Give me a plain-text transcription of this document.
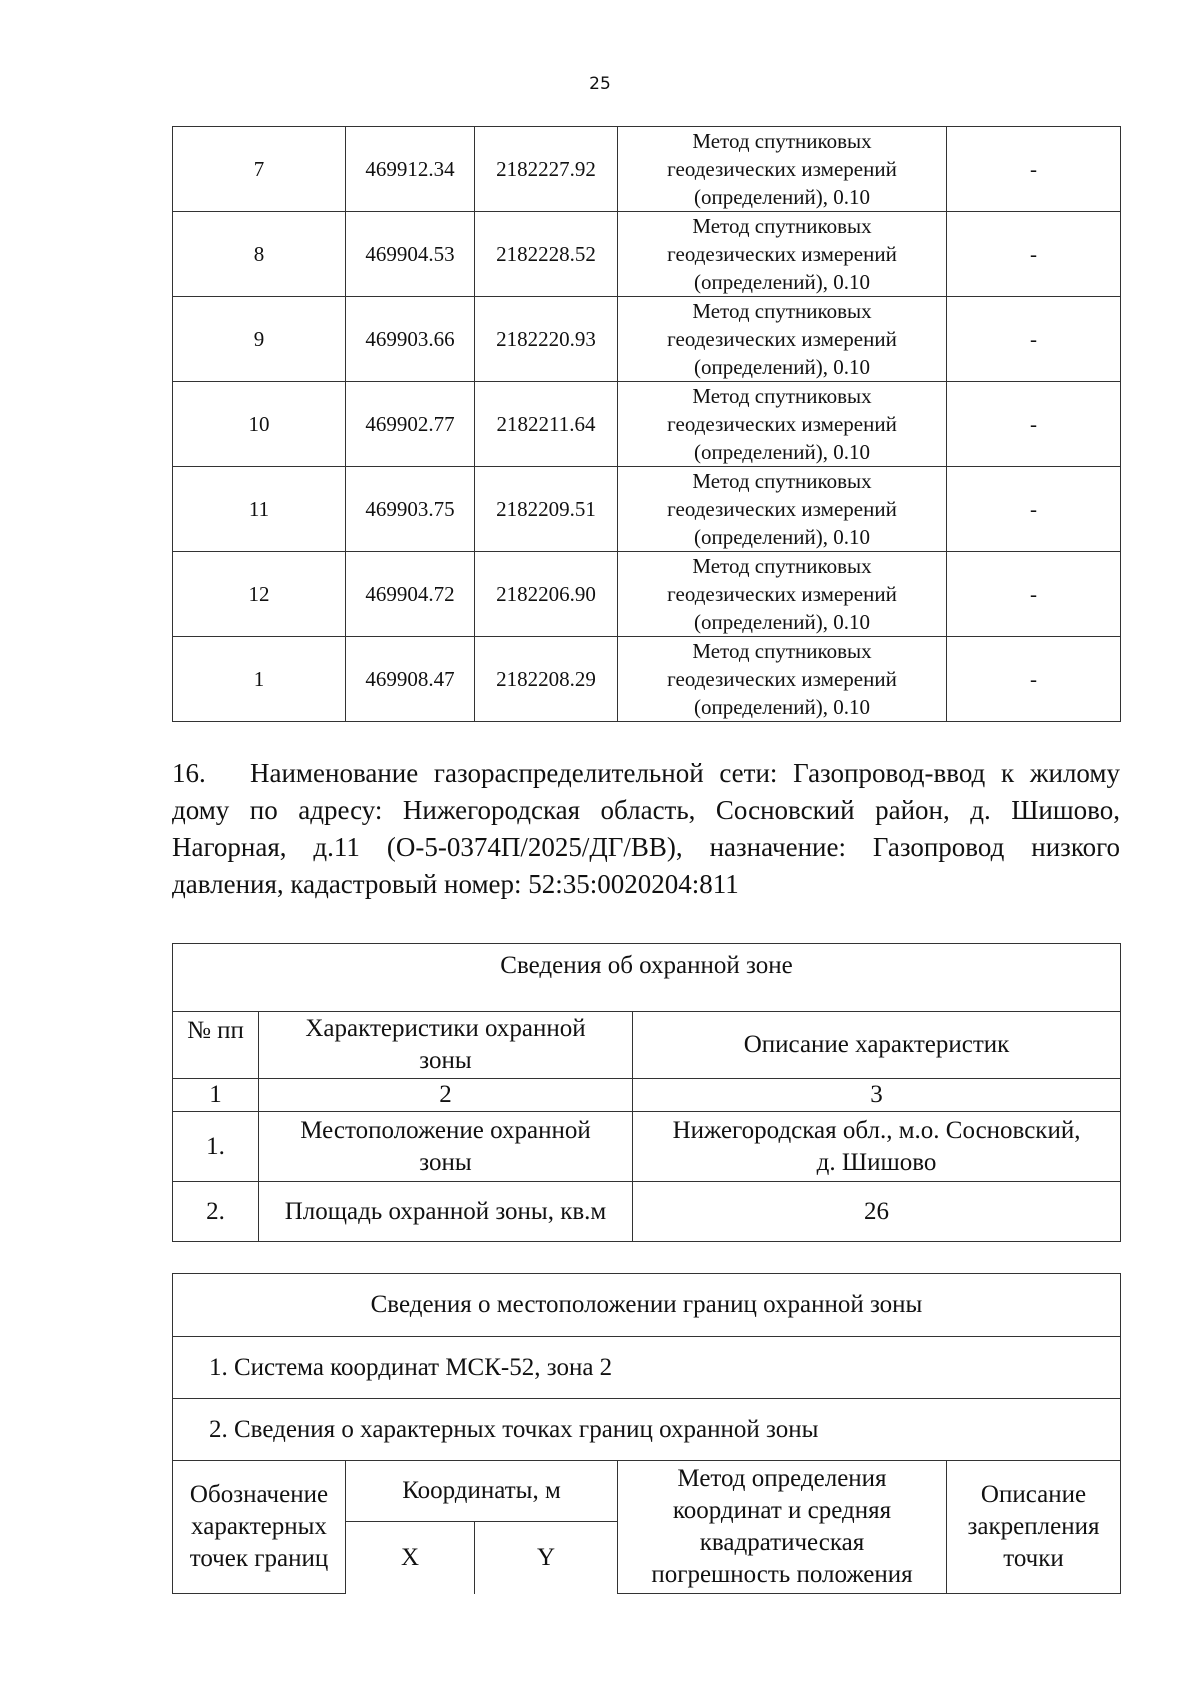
25
7	469912.34	2182227.92	Метод спутниковых
геодезических измерений
(определений), 0.10	-
8	469904.53	2182228.52	Метод спутниковых
геодезических измерений
(определений), 0.10	-
9	469903.66	2182220.93	Метод спутниковых
геодезических измерений
(определений), 0.10	-
10	469902.77	2182211.64	Метод спутниковых
геодезических измерений
(определений), 0.10	-
11	469903.75	2182209.51	Метод спутниковых
геодезических измерений
(определений), 0.10	-
12	469904.72	2182206.90	Метод спутниковых
геодезических измерений
(определений), 0.10	-
1	469908.47	2182208.29	Метод спутниковых
геодезических измерений
(определений), 0.10	-

16. Наименование газораспределительной сети: Газопровод-ввод к жилому дому по адресу: Нижегородская область, Сосновский район, д. Шишово, Нагорная, д.11 (О-5-0374П/2025/ДГ/ВВ), назначение: Газопровод низкого давления, кадастровый номер: 52:35:0020204:811

Сведения об охранной зоне		
№ пп	Характеристики охранной
зоны	Описание характеристик
1	2	3
1.	Местоположение охранной
зоны	Нижегородская обл., м.о. Сосновский,
д. Шишово
2.	Площадь охранной зоны, кв.м	26
Сведения о местоположении границ охранной зоны				
1. Система координат МСК-52, зона 2				
2. Сведения о характерных точках границ охранной зоны				
Обозначение
характерных
точек границ	Координаты, м		Метод определения
координат и средняя
квадратическая
погрешность положения	Описание
закрепления
точки
	X	Y		
